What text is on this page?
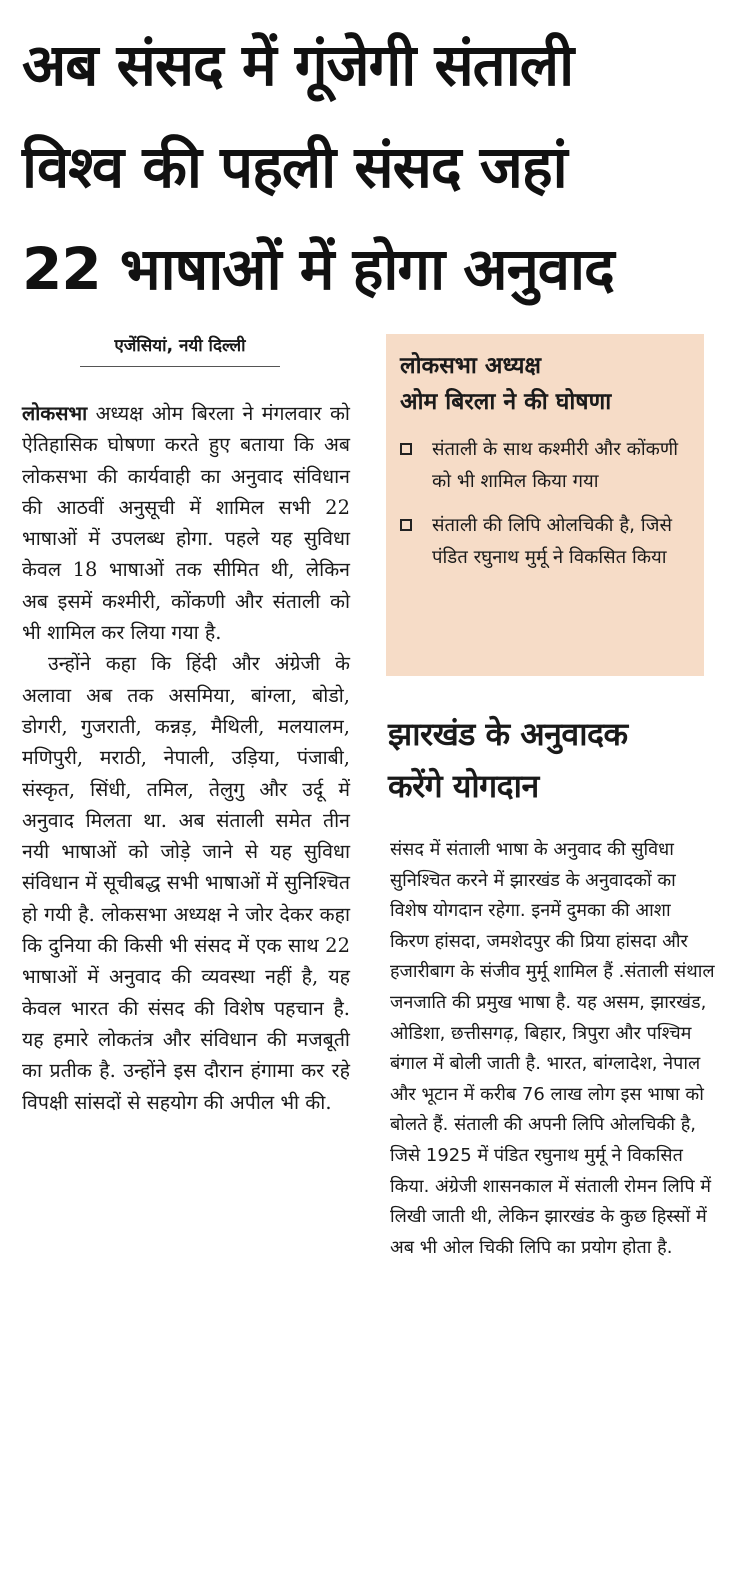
अब संसद में गूंजेगी संताली
विश्व की पहली संसद जहां
22 भाषाओं में होगा अनुवाद
एजेंसियां, नयी दिल्ली

लोकसभा अध्यक्ष ओम बिरला ने मंगलवार को ऐतिहासिक घोषणा करते हुए बताया कि अब लोकसभा की कार्यवाही का अनुवाद संविधान की आठवीं अनुसूची में शामिल सभी 22 भाषाओं में उपलब्ध होगा. पहले यह सुविधा केवल 18 भाषाओं तक सीमित थी, लेकिन अब इसमें कश्मीरी, कोंकणी और संताली को भी शामिल कर लिया गया है.

उन्होंने कहा कि हिंदी और अंग्रेजी के अलावा अब तक असमिया, बांग्ला, बोडो, डोगरी, गुजराती, कन्नड़, मैथिली, मलयालम, मणिपुरी, मराठी, नेपाली, उड़िया, पंजाबी, संस्कृत, सिंधी, तमिल, तेलुगु और उर्दू में अनुवाद मिलता था. अब संताली समेत तीन नयी भाषाओं को जोड़े जाने से यह सुविधा संविधान में सूचीबद्ध सभी भाषाओं में सुनिश्चित हो गयी है. लोकसभा अध्यक्ष ने जोर देकर कहा कि दुनिया की किसी भी संसद में एक साथ 22 भाषाओं में अनुवाद की व्यवस्था नहीं है, यह केवल भारत की संसद की विशेष पहचान है. यह हमारे लोकतंत्र और संविधान की मजबूती का प्रतीक है. उन्होंने इस दौरान हंगामा कर रहे विपक्षी सांसदों से सहयोग की अपील भी की.

लोकसभा अध्यक्ष
ओम बिरला ने की घोषणा
संताली के साथ कश्मीरी और कोंकणी को भी शामिल किया गया
संताली की लिपि ओलचिकी है, जिसे पंडित रघुनाथ मुर्मू ने विकसित किया
झारखंड के अनुवादक
करेंगे योगदान

संसद में संताली भाषा के अनुवाद की सुविधा सुनिश्चित करने में झारखंड के अनुवादकों का विशेष योगदान रहेगा. इनमें दुमका की आशा किरण हांसदा, जमशेदपुर की प्रिया हांसदा और हजारीबाग के संजीव मुर्मू शामिल हैं .संताली संथाल जनजाति की प्रमुख भाषा है. यह असम, झारखंड, ओडिशा, छत्तीसगढ़, बिहार, त्रिपुरा और पश्चिम बंगाल में बोली जाती है. भारत, बांग्लादेश, नेपाल और भूटान में करीब 76 लाख लोग इस भाषा को बोलते हैं. संताली की अपनी लिपि ओलचिकी है, जिसे 1925 में पंडित रघुनाथ मुर्मू ने विकसित किया. अंग्रेजी शासनकाल में संताली रोमन लिपि में लिखी जाती थी, लेकिन झारखंड के कुछ हिस्सों में अब भी ओल चिकी लिपि का प्रयोग होता है.
